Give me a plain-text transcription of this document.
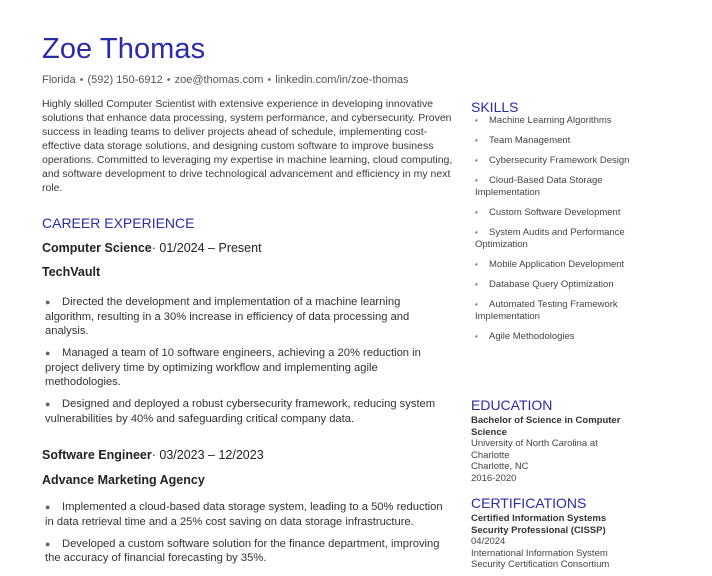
Zoe Thomas
Florida • (592) 150-6912 • zoe@thomas.com • linkedin.com/in/zoe-thomas
Highly skilled Computer Scientist with extensive experience in developing innovative solutions that enhance data processing, system performance, and cybersecurity. Proven success in leading teams to deliver projects ahead of schedule, implementing cost-effective data storage solutions, and designing custom software to improve business operations. Committed to leveraging my expertise in machine learning, cloud computing, and software development to drive technological advancement and efficiency in my next role.
CAREER EXPERIENCE
Computer Science· 01/2024 – Present
TechVault
● Directed the development and implementation of a machine learning algorithm, resulting in a 30% increase in efficiency of data processing and analysis.
● Managed a team of 10 software engineers, achieving a 20% reduction in project delivery time by optimizing workflow and implementing agile methodologies.
● Designed and deployed a robust cybersecurity framework, reducing system vulnerabilities by 40% and safeguarding critical company data.
Software Engineer· 03/2023 – 12/2023
Advance Marketing Agency
● Implemented a cloud-based data storage system, leading to a 50% reduction in data retrieval time and a 25% cost saving on data storage infrastructure.
● Developed a custom software solution for the finance department, improving the accuracy of financial forecasting by 35%.
SKILLS
• Machine Learning Algorithms
• Team Management
• Cybersecurity Framework Design
• Cloud-Based Data Storage Implementation
• Custom Software Development
• System Audits and Performance Optimization
• Mobile Application Development
• Database Query Optimization
• Automated Testing Framework Implementation
• Agile Methodologies
EDUCATION
Bachelor of Science in Computer Science
University of North Carolina at Charlotte
Charlotte, NC
2016-2020
CERTIFICATIONS
Certified Information Systems Security Professional (CISSP)
04/2024
International Information System Security Certification Consortium
